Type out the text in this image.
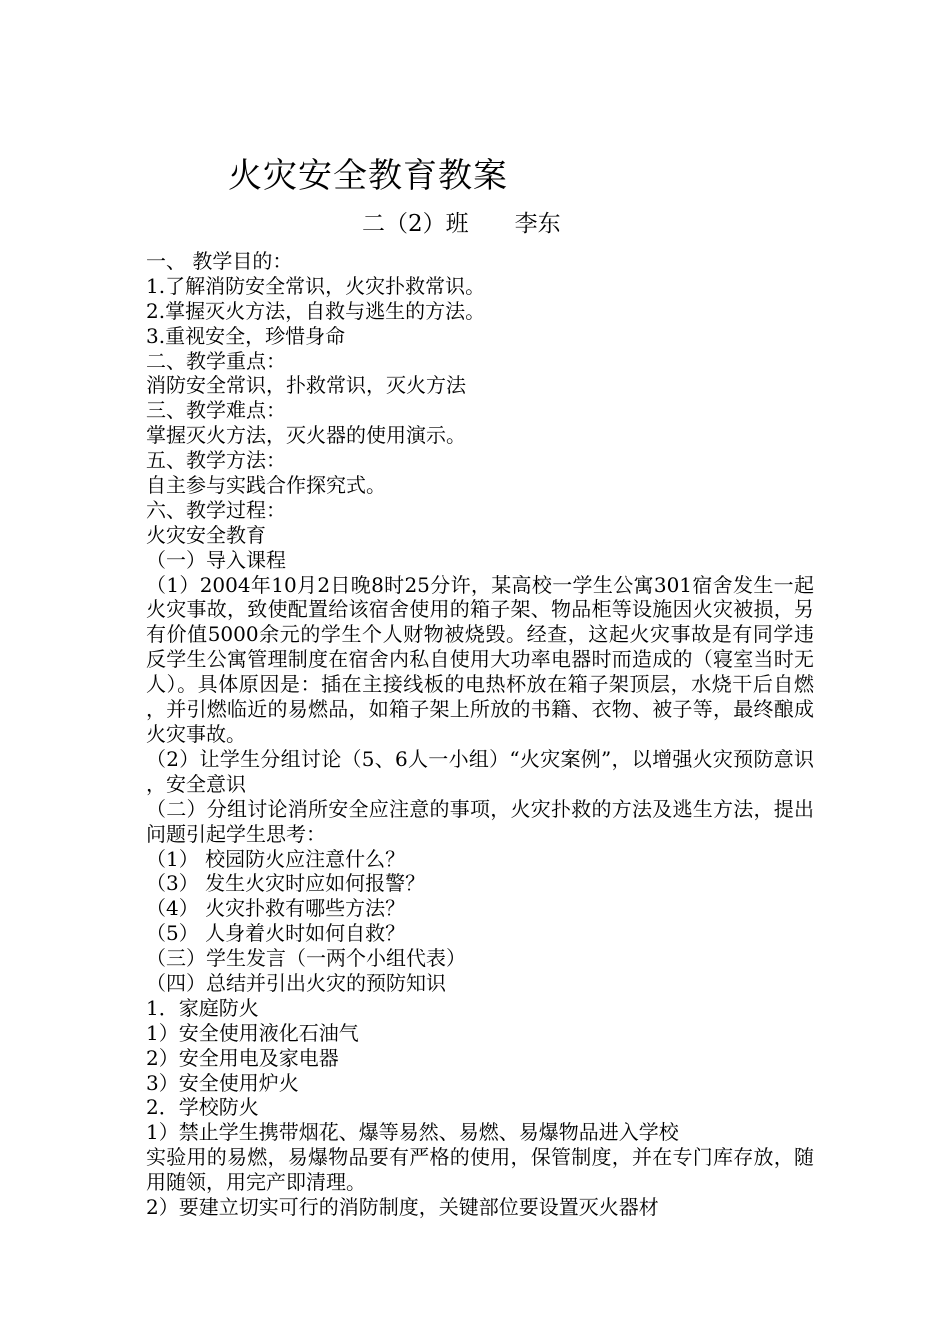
火灾安全教育教案
二（2）班　　李东
一、 教学目的：
1.了解消防安全常识，火灾扑救常识。
2.掌握灭火方法，自救与逃生的方法。
3.重视安全，珍惜身命
二、教学重点：
消防安全常识，扑救常识，灭火方法
三、教学难点：
掌握灭火方法，灭火器的使用演示。
五、教学方法：
自主参与实践合作探究式。
六、教学过程：
火灾安全教育
（一）导入课程
（1）2004年10月2日晚8时25分许，某高校一学生公寓301宿舍发生一起火灾事故，致使配置给该宿舍使用的箱子架、物品柜等设施因火灾被损，另有价值5000余元的学生个人财物被烧毁。经查，这起火灾事故是有同学违反学生公寓管理制度在宿舍内私自使用大功率电器时而造成的（寝室当时无人）。具体原因是：插在主接线板的电热杯放在箱子架顶层，水烧干后自燃，并引燃临近的易燃品，如箱子架上所放的书籍、衣物、被子等，最终酿成火灾事故。
（2）让学生分组讨论（5、6人一小组）“火灾案例”，以增强火灾预防意识，安全意识
（二）分组讨论消所安全应注意的事项，火灾扑救的方法及逃生方法，提出问题引起学生思考：
（1） 校园防火应注意什么？
（3） 发生火灾时应如何报警？
（4） 火灾扑救有哪些方法？
（5） 人身着火时如何自救？
（三）学生发言（一两个小组代表）
（四）总结并引出火灾的预防知识
1．家庭防火
1）安全使用液化石油气
2）安全用电及家电器
3）安全使用炉火
2．学校防火
1）禁止学生携带烟花、爆等易然、易燃、易爆物品进入学校
实验用的易燃，易爆物品要有严格的使用，保管制度，并在专门库存放，随用随领，用完产即清理。
2）要建立切实可行的消防制度，关键部位要设置灭火器材
